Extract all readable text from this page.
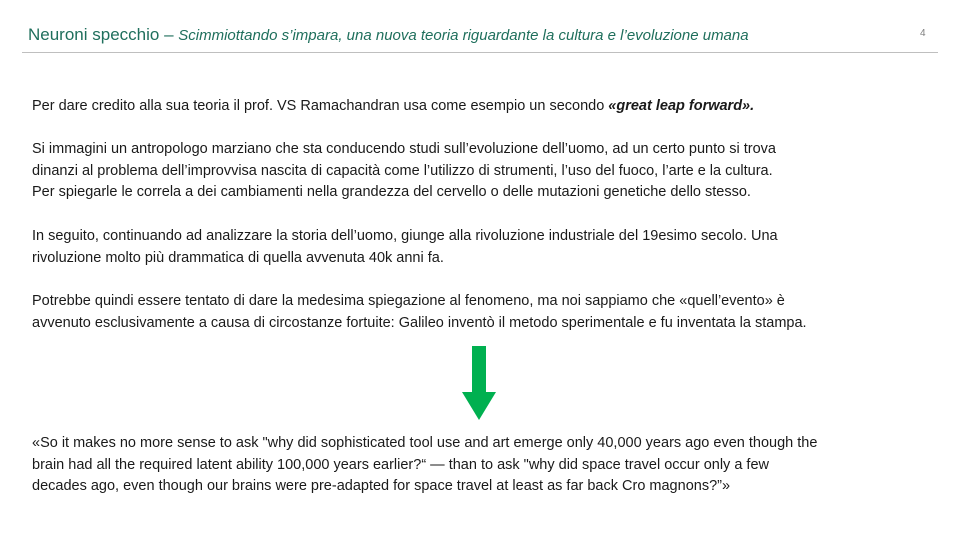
Neuroni specchio – Scimmiottando s’impara, una nuova teoria riguardante la cultura e l’evoluzione umana	4
Per dare credito alla sua teoria il prof. VS Ramachandran usa come esempio un secondo «great leap forward».
Si immagini un antropologo marziano che sta conducendo studi sull’evoluzione dell’uomo, ad un certo punto si trova
dinanzi al problema dell’improvvisa nascita di capacità come l’utilizzo di strumenti, l’uso del fuoco, l’arte e la cultura.
Per spiegarle le correla a dei cambiamenti nella grandezza del cervello o delle mutazioni genetiche dello stesso.
In seguito, continuando ad analizzare la storia dell’uomo, giunge alla rivoluzione industriale del 19esimo secolo. Una
rivoluzione molto più drammatica di quella avvenuta 40k anni fa.
Potrebbe quindi essere tentato di dare la medesima spiegazione al fenomeno, ma noi sappiamo che «quell’evento» è
avvenuto esclusivamente a causa di circostanze fortuite: Galileo inventò il metodo sperimentale e fu inventata la stampa.
«So it makes no more sense to ask "why did sophisticated tool use and art emerge only 40,000 years ago even though the
brain had all the required latent ability 100,000 years earlier?“ — than to ask "why did space travel occur only a few
decades ago, even though our brains were pre-adapted for space travel at least as far back Cro magnons?”»
